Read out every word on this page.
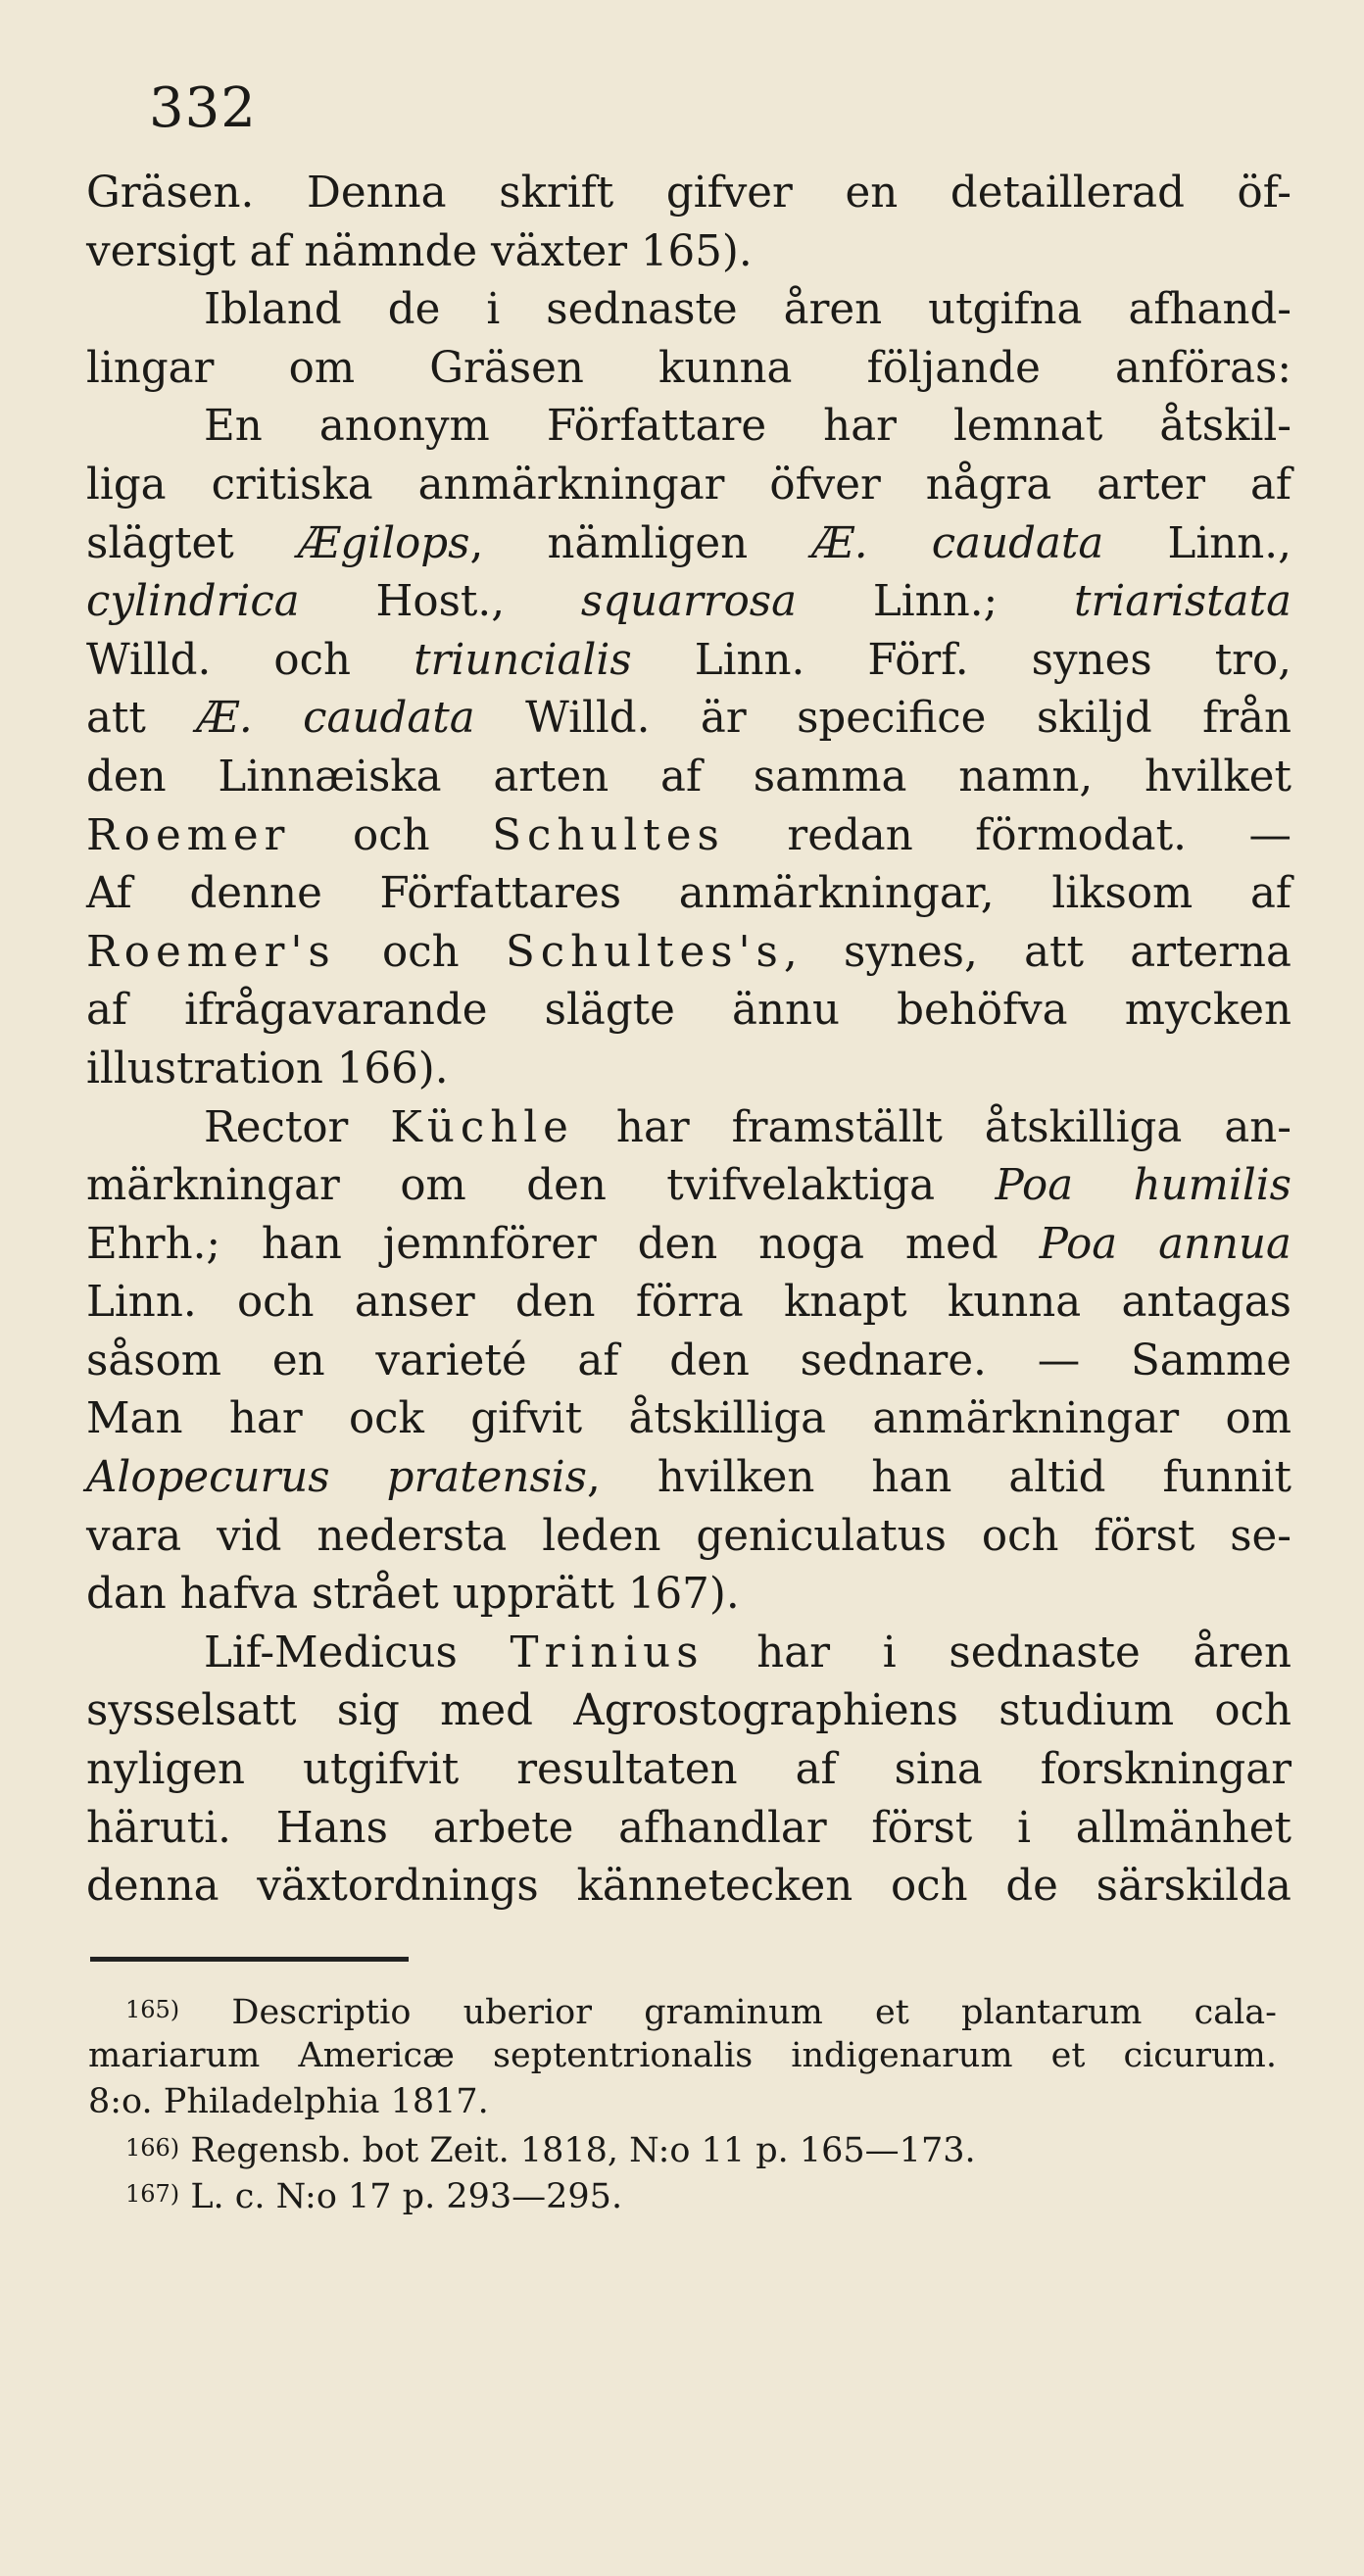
332
Gräsen. Denna skrift gifver en detaillerad öf-
versigt af nämnde växter 165).
Ibland de i sednaste åren utgifna afhand-
lingar om Gräsen kunna följande anföras:
En anonym Författare har lemnat åtskil-
liga critiska anmärkningar öfver några arter af
slägtet Ægilops, nämligen Æ. caudata Linn.,
cylindrica Host., squarrosa Linn.; triaristata
Willd. och triuncialis Linn. Förf. synes tro,
att Æ. caudata Willd. är specifice skiljd från
den Linnæiska arten af samma namn, hvilket
Roemer och Schultes redan förmodat. —
Af denne Författares anmärkningar, liksom af
Roemer's och Schultes's, synes, att arterna
af ifrågavarande slägte ännu behöfva mycken
illustration 166).
Rector Küchle har framställt åtskilliga an-
märkningar om den tvifvelaktiga Poa humilis
Ehrh.; han jemnförer den noga med Poa annua
Linn. och anser den förra knapt kunna antagas
såsom en varieté af den sednare. — Samme
Man har ock gifvit åtskilliga anmärkningar om
Alopecurus pratensis, hvilken han altid funnit
vara vid nedersta leden geniculatus och först se-
dan hafva strået upprätt 167).
Lif-Medicus Trinius har i sednaste åren
sysselsatt sig med Agrostographiens studium och
nyligen utgifvit resultaten af sina forskningar
häruti. Hans arbete afhandlar först i allmänhet
denna växtordnings kännetecken och de särskilda
$^{165)}$ Descriptio uberior graminum et plantarum cala-
mariarum Americæ septentrionalis indigenarum et cicurum.
8:o. Philadelphia 1817.
$^{166)}$ Regensb. bot Zeit. 1818, N:o 11 p. 165—173.
$^{167)}$ L. c. N:o 17 p. 293—295.
